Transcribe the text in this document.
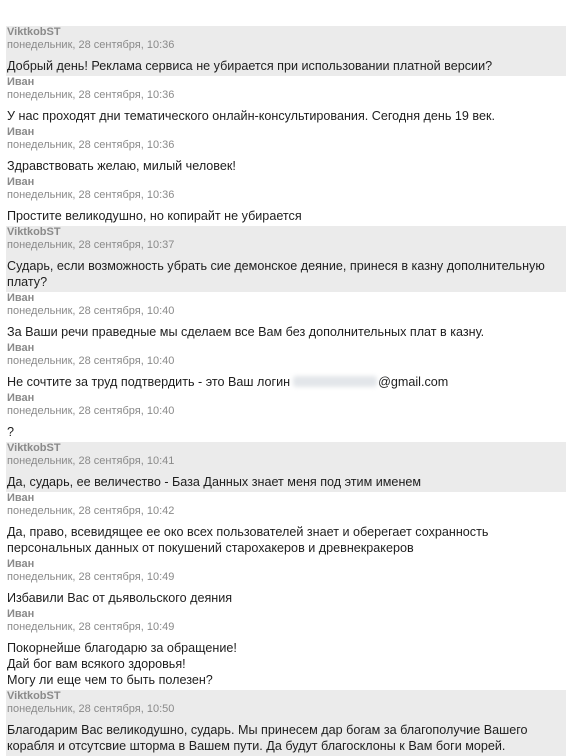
ViktkobST
понедельник, 28 сентября, 10:36
Добрый день! Реклама сервиса не убирается при использовании платной версии?
Иван
понедельник, 28 сентября, 10:36
У нас проходят дни тематического онлайн-консультирования. Сегодня день 19 век.
Иван
понедельник, 28 сентября, 10:36
Здравствовать желаю, милый человек!
Иван
понедельник, 28 сентября, 10:36
Простите великодушно, но копирайт не убирается
ViktkobST
понедельник, 28 сентября, 10:37
Сударь, если возможность убрать сие демонское деяние, принеся в казну дополнительную
плату?
Иван
понедельник, 28 сентября, 10:40
За Ваши речи праведные мы сделаем все Вам без дополнительных плат в казну.
Иван
понедельник, 28 сентября, 10:40
Не сочтите за труд подтвердить - это Ваш логин	@gmail.com
Иван
понедельник, 28 сентября, 10:40
?
ViktkobST
понедельник, 28 сентября, 10:41
Да, сударь, ее величество - База Данных знает меня под этим именем
Иван
понедельник, 28 сентября, 10:42
Да, право, всевидящее ее око всех пользователей знает и оберегает сохранность
персональных данных от покушений старохакеров и древнекракеров
Иван
понедельник, 28 сентября, 10:49
Избавили Вас от дьявольского деяния
Иван
понедельник, 28 сентября, 10:49
Покорнейше благодарю за обращение!
Дай бог вам всякого здоровья!
Могу ли еще чем то быть полезен?
ViktkobST
понедельник, 28 сентября, 10:50
Благодарим Вас великодушно, сударь. Мы принесем дар богам за благополучие Вашего
корабля и отсутсвие шторма в Вашем пути. Да будут благосклоны к Вам боги морей.
